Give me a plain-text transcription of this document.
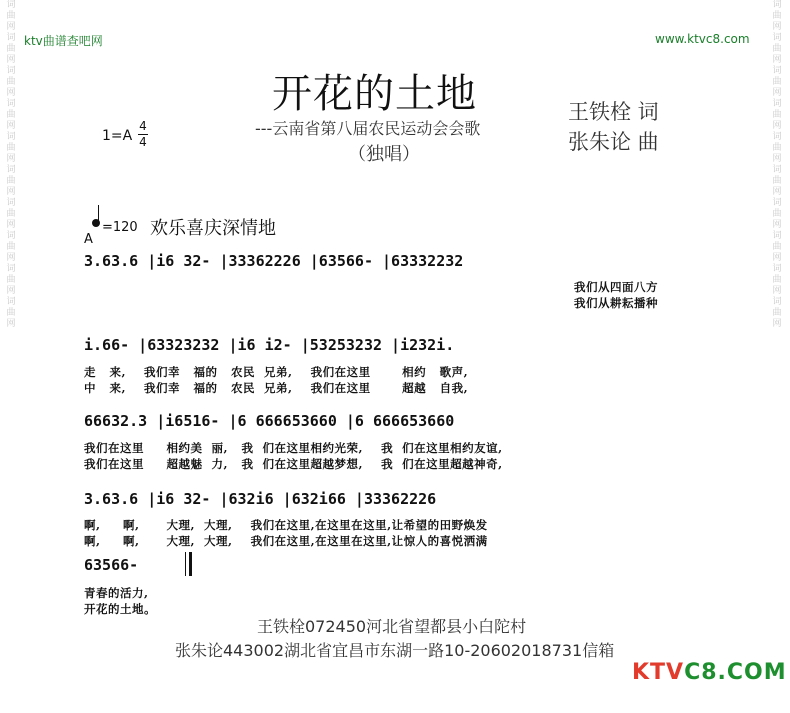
词曲网词曲网词曲网词曲网词曲网词曲网词曲网词曲网词曲网词曲网
词曲网词曲网词曲网词曲网词曲网词曲网词曲网词曲网词曲网词曲网
ktv曲谱查吧网	www.ktvc8.com
开花的土地
---云南省第八届农民运动会会歌
（独唱）
王铁栓 词
张朱论 曲
1=A
4
4
=120 欢乐喜庆深情地
A
3.63.6 |i6 32- |33362226 |63566- |63332232
我们从四面八方
我们从耕耘播种
i.66- |63323232 |i6 i2- |53253232 |i232i.
走   来,    我们幸   福的   农民  兄弟,    我们在这里       相约   歌声,
中   来,    我们幸   福的   农民  兄弟,    我们在这里       超越   自我,
66632.3 |i6516- |6 666653660 |6 666653660
我们在这里     相约美  丽,   我  们在这里相约光荣,    我  们在这里相约友谊,
我们在这里     超越魅  力,   我  们在这里超越梦想,    我  们在这里超越神奇,
3.63.6 |i6 32- |632i6 |632i66 |33362226
啊,     啊,      大理,  大理,    我们在这里,在这里在这里,让希望的田野焕发
啊,     啊,      大理,  大理,    我们在这里,在这里在这里,让惊人的喜悦洒满
63566-
青春的活力,
开花的土地。
王铁栓072450河北省望都县小白陀村
张朱论443002湖北省宜昌市东湖一路10-20602018731信箱
KTVC8.COM
